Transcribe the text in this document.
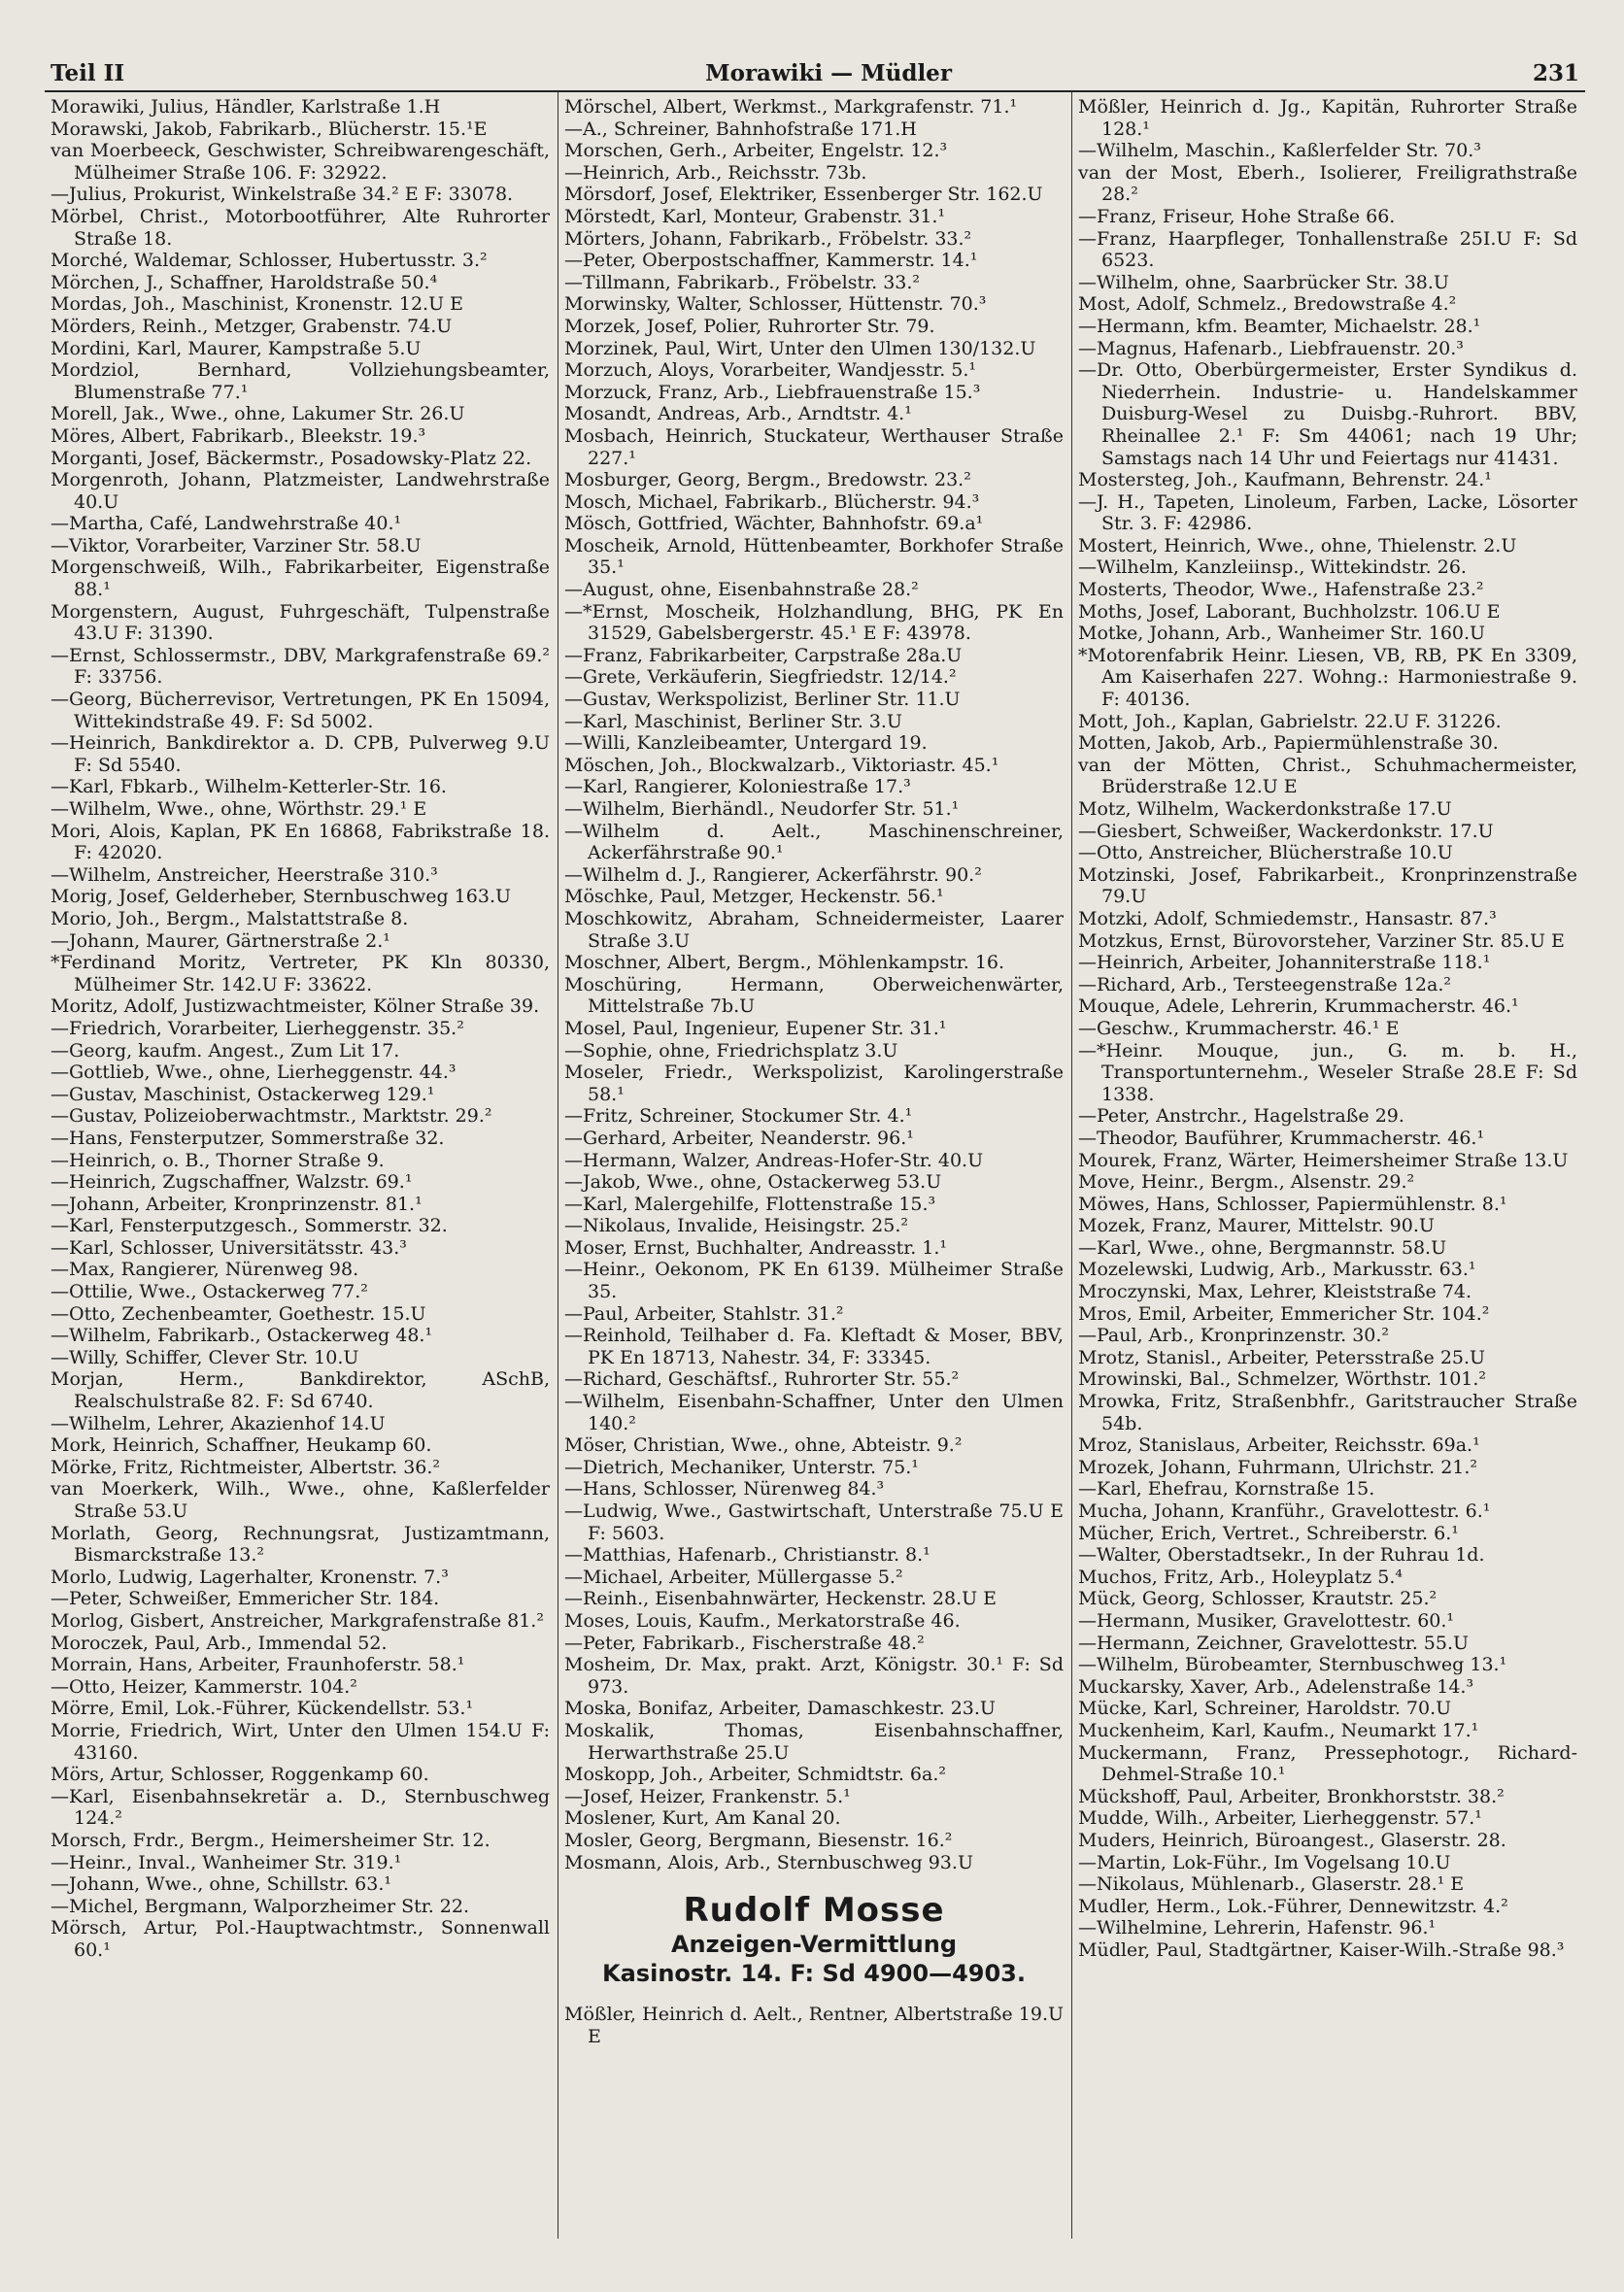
Teil II	Morawiki — Müdler	231

Morawiki, Julius, Händler, Karlstraße 1.H

Morawski, Jakob, Fabrikarb., Blücherstr. 15.¹E

van Moerbeeck, Geschwister, Schreibwarengeschäft, Mülheimer Straße 106. F: 32922.

—Julius, Prokurist, Winkelstraße 34.² E F: 33078.

Mörbel, Christ., Motorbootführer, Alte Ruhrorter Straße 18.

Morché, Waldemar, Schlosser, Hubertusstr. 3.²

Mörchen, J., Schaffner, Haroldstraße 50.⁴

Mordas, Joh., Maschinist, Kronenstr. 12.U E

Mörders, Reinh., Metzger, Grabenstr. 74.U

Mordini, Karl, Maurer, Kampstraße 5.U

Mordziol, Bernhard, Vollziehungsbeamter, Blumenstraße 77.¹

Morell, Jak., Wwe., ohne, Lakumer Str. 26.U

Möres, Albert, Fabrikarb., Bleekstr. 19.³

Morganti, Josef, Bäckermstr., Posadowsky-Platz 22.

Morgenroth, Johann, Platzmeister, Landwehrstraße 40.U

—Martha, Café, Landwehrstraße 40.¹

—Viktor, Vorarbeiter, Varziner Str. 58.U

Morgenschweiß, Wilh., Fabrikarbeiter, Eigenstraße 88.¹

Morgenstern, August, Fuhrgeschäft, Tulpenstraße 43.U F: 31390.

—Ernst, Schlossermstr., DBV, Markgrafenstraße 69.² F: 33756.

—Georg, Bücherrevisor, Vertretungen, PK En 15094, Wittekindstraße 49. F: Sd 5002.

—Heinrich, Bankdirektor a. D. CPB, Pulverweg 9.U F: Sd 5540.

—Karl, Fbkarb., Wilhelm-Ketterler-Str. 16.

—Wilhelm, Wwe., ohne, Wörthstr. 29.¹ E

Mori, Alois, Kaplan, PK En 16868, Fabrikstraße 18. F: 42020.

—Wilhelm, Anstreicher, Heerstraße 310.³

Morig, Josef, Gelderheber, Sternbuschweg 163.U

Morio, Joh., Bergm., Malstattstraße 8.

—Johann, Maurer, Gärtnerstraße 2.¹

*Ferdinand Moritz, Vertreter, PK Kln 80330, Mülheimer Str. 142.U F: 33622.

Moritz, Adolf, Justizwachtmeister, Kölner Straße 39.

—Friedrich, Vorarbeiter, Lierheggenstr. 35.²

—Georg, kaufm. Angest., Zum Lit 17.

—Gottlieb, Wwe., ohne, Lierheggenstr. 44.³

—Gustav, Maschinist, Ostackerweg 129.¹

—Gustav, Polizeioberwachtmstr., Marktstr. 29.²

—Hans, Fensterputzer, Sommerstraße 32.

—Heinrich, o. B., Thorner Straße 9.

—Heinrich, Zugschaffner, Walzstr. 69.¹

—Johann, Arbeiter, Kronprinzenstr. 81.¹

—Karl, Fensterputzgesch., Sommerstr. 32.

—Karl, Schlosser, Universitätsstr. 43.³

—Max, Rangierer, Nürenweg 98.

—Ottilie, Wwe., Ostackerweg 77.²

—Otto, Zechenbeamter, Goethestr. 15.U

—Wilhelm, Fabrikarb., Ostackerweg 48.¹

—Willy, Schiffer, Clever Str. 10.U

Morjan, Herm., Bankdirektor, ASchB, Realschulstraße 82. F: Sd 6740.

—Wilhelm, Lehrer, Akazienhof 14.U

Mork, Heinrich, Schaffner, Heukamp 60.

Mörke, Fritz, Richtmeister, Albertstr. 36.²

van Moerkerk, Wilh., Wwe., ohne, Kaßlerfelder Straße 53.U

Morlath, Georg, Rechnungsrat, Justizamtmann, Bismarckstraße 13.²

Morlo, Ludwig, Lagerhalter, Kronenstr. 7.³

—Peter, Schweißer, Emmericher Str. 184.

Morlog, Gisbert, Anstreicher, Markgrafenstraße 81.²

Moroczek, Paul, Arb., Immendal 52.

Morrain, Hans, Arbeiter, Fraunhoferstr. 58.¹

—Otto, Heizer, Kammerstr. 104.²

Mörre, Emil, Lok.-Führer, Kückendellstr. 53.¹

Morrie, Friedrich, Wirt, Unter den Ulmen 154.U F: 43160.

Mörs, Artur, Schlosser, Roggenkamp 60.

—Karl, Eisenbahnsekretär a. D., Sternbuschweg 124.²

Morsch, Frdr., Bergm., Heimersheimer Str. 12.

—Heinr., Inval., Wanheimer Str. 319.¹

—Johann, Wwe., ohne, Schillstr. 63.¹

—Michel, Bergmann, Walporzheimer Str. 22.

Mörsch, Artur, Pol.-Hauptwachtmstr., Sonnenwall 60.¹

Mörschel, Albert, Werkmst., Markgrafenstr. 71.¹

—A., Schreiner, Bahnhofstraße 171.H

Morschen, Gerh., Arbeiter, Engelstr. 12.³

—Heinrich, Arb., Reichsstr. 73b.

Mörsdorf, Josef, Elektriker, Essenberger Str. 162.U

Mörstedt, Karl, Monteur, Grabenstr. 31.¹

Mörters, Johann, Fabrikarb., Fröbelstr. 33.²

—Peter, Oberpostschaffner, Kammerstr. 14.¹

—Tillmann, Fabrikarb., Fröbelstr. 33.²

Morwinsky, Walter, Schlosser, Hüttenstr. 70.³

Morzek, Josef, Polier, Ruhrorter Str. 79.

Morzinek, Paul, Wirt, Unter den Ulmen 130/132.U

Morzuch, Aloys, Vorarbeiter, Wandjesstr. 5.¹

Morzuck, Franz, Arb., Liebfrauenstraße 15.³

Mosandt, Andreas, Arb., Arndtstr. 4.¹

Mosbach, Heinrich, Stuckateur, Werthauser Straße 227.¹

Mosburger, Georg, Bergm., Bredowstr. 23.²

Mosch, Michael, Fabrikarb., Blücherstr. 94.³

Mösch, Gottfried, Wächter, Bahnhofstr. 69.a¹

Moscheik, Arnold, Hüttenbeamter, Borkhofer Straße 35.¹

—August, ohne, Eisenbahnstraße 28.²

—*Ernst, Moscheik, Holzhandlung, BHG, PK En 31529, Gabelsbergerstr. 45.¹ E F: 43978.

—Franz, Fabrikarbeiter, Carpstraße 28a.U

—Grete, Verkäuferin, Siegfriedstr. 12/14.²

—Gustav, Werkspolizist, Berliner Str. 11.U

—Karl, Maschinist, Berliner Str. 3.U

—Willi, Kanzleibeamter, Untergard 19.

Möschen, Joh., Blockwalzarb., Viktoriastr. 45.¹

—Karl, Rangierer, Koloniestraße 17.³

—Wilhelm, Bierhändl., Neudorfer Str. 51.¹

—Wilhelm d. Aelt., Maschinenschreiner, Ackerfährstraße 90.¹

—Wilhelm d. J., Rangierer, Ackerfährstr. 90.²

Möschke, Paul, Metzger, Heckenstr. 56.¹

Moschkowitz, Abraham, Schneidermeister, Laarer Straße 3.U

Moschner, Albert, Bergm., Möhlenkampstr. 16.

Moschüring, Hermann, Oberweichenwärter, Mittelstraße 7b.U

Mosel, Paul, Ingenieur, Eupener Str. 31.¹

—Sophie, ohne, Friedrichsplatz 3.U

Moseler, Friedr., Werkspolizist, Karolingerstraße 58.¹

—Fritz, Schreiner, Stockumer Str. 4.¹

—Gerhard, Arbeiter, Neanderstr. 96.¹

—Hermann, Walzer, Andreas-Hofer-Str. 40.U

—Jakob, Wwe., ohne, Ostackerweg 53.U

—Karl, Malergehilfe, Flottenstraße 15.³

—Nikolaus, Invalide, Heisingstr. 25.²

Moser, Ernst, Buchhalter, Andreasstr. 1.¹

—Heinr., Oekonom, PK En 6139. Mülheimer Straße 35.

—Paul, Arbeiter, Stahlstr. 31.²

—Reinhold, Teilhaber d. Fa. Kleftadt & Moser, BBV, PK En 18713, Nahestr. 34, F: 33345.

—Richard, Geschäftsf., Ruhrorter Str. 55.²

—Wilhelm, Eisenbahn-Schaffner, Unter den Ulmen 140.²

Möser, Christian, Wwe., ohne, Abteistr. 9.²

—Dietrich, Mechaniker, Unterstr. 75.¹

—Hans, Schlosser, Nürenweg 84.³

—Ludwig, Wwe., Gastwirtschaft, Unterstraße 75.U E F: 5603.

—Matthias, Hafenarb., Christianstr. 8.¹

—Michael, Arbeiter, Müllergasse 5.²

—Reinh., Eisenbahnwärter, Heckenstr. 28.U E

Moses, Louis, Kaufm., Merkatorstraße 46.

—Peter, Fabrikarb., Fischerstraße 48.²

Mosheim, Dr. Max, prakt. Arzt, Königstr. 30.¹ F: Sd 973.

Moska, Bonifaz, Arbeiter, Damaschkestr. 23.U

Moskalik, Thomas, Eisenbahnschaffner, Herwarthstraße 25.U

Moskopp, Joh., Arbeiter, Schmidtstr. 6a.²

—Josef, Heizer, Frankenstr. 5.¹

Moslener, Kurt, Am Kanal 20.

Mosler, Georg, Bergmann, Biesenstr. 16.²

Mosmann, Alois, Arb., Sternbuschweg 93.U

Rudolf Mosse
Anzeigen-Vermittlung
Kasinostr. 14. F: Sd 4900—4903.

Mößler, Heinrich d. Aelt., Rentner, Albertstraße 19.U E

Mößler, Heinrich d. Jg., Kapitän, Ruhrorter Straße 128.¹

—Wilhelm, Maschin., Kaßlerfelder Str. 70.³

van der Most, Eberh., Isolierer, Freiligrathstraße 28.²

—Franz, Friseur, Hohe Straße 66.

—Franz, Haarpfleger, Tonhallenstraße 25I.U F: Sd 6523.

—Wilhelm, ohne, Saarbrücker Str. 38.U

Most, Adolf, Schmelz., Bredowstraße 4.²

—Hermann, kfm. Beamter, Michaelstr. 28.¹

—Magnus, Hafenarb., Liebfrauenstr. 20.³

—Dr. Otto, Oberbürgermeister, Erster Syndikus d. Niederrhein. Industrie- u. Handelskammer Duisburg-Wesel zu Duisbg.-Ruhrort. BBV, Rheinallee 2.¹ F: Sm 44061; nach 19 Uhr; Samstags nach 14 Uhr und Feiertags nur 41431.

Mostersteg, Joh., Kaufmann, Behrenstr. 24.¹

—J. H., Tapeten, Linoleum, Farben, Lacke, Lösorter Str. 3. F: 42986.

Mostert, Heinrich, Wwe., ohne, Thielenstr. 2.U

—Wilhelm, Kanzleiinsp., Wittekindstr. 26.

Mosterts, Theodor, Wwe., Hafenstraße 23.²

Moths, Josef, Laborant, Buchholzstr. 106.U E

Motke, Johann, Arb., Wanheimer Str. 160.U

*Motorenfabrik Heinr. Liesen, VB, RB, PK En 3309, Am Kaiserhafen 227. Wohng.: Harmoniestraße 9. F: 40136.

Mott, Joh., Kaplan, Gabrielstr. 22.U F. 31226.

Motten, Jakob, Arb., Papiermühlenstraße 30.

van der Mötten, Christ., Schuhmachermeister, Brüderstraße 12.U E

Motz, Wilhelm, Wackerdonkstraße 17.U

—Giesbert, Schweißer, Wackerdonkstr. 17.U

—Otto, Anstreicher, Blücherstraße 10.U

Motzinski, Josef, Fabrikarbeit., Kronprinzenstraße 79.U

Motzki, Adolf, Schmiedemstr., Hansastr. 87.³

Motzkus, Ernst, Bürovorsteher, Varziner Str. 85.U E

—Heinrich, Arbeiter, Johanniterstraße 118.¹

—Richard, Arb., Tersteegenstraße 12a.²

Mouque, Adele, Lehrerin, Krummacherstr. 46.¹

—Geschw., Krummacherstr. 46.¹ E

—*Heinr. Mouque, jun., G. m. b. H., Transportunternehm., Weseler Straße 28.E F: Sd 1338.

—Peter, Anstrchr., Hagelstraße 29.

—Theodor, Bauführer, Krummacherstr. 46.¹

Mourek, Franz, Wärter, Heimersheimer Straße 13.U

Move, Heinr., Bergm., Alsenstr. 29.²

Möwes, Hans, Schlosser, Papiermühlenstr. 8.¹

Mozek, Franz, Maurer, Mittelstr. 90.U

—Karl, Wwe., ohne, Bergmannstr. 58.U

Mozelewski, Ludwig, Arb., Markusstr. 63.¹

Mroczynski, Max, Lehrer, Kleiststraße 74.

Mros, Emil, Arbeiter, Emmericher Str. 104.²

—Paul, Arb., Kronprinzenstr. 30.²

Mrotz, Stanisl., Arbeiter, Petersstraße 25.U

Mrowinski, Bal., Schmelzer, Wörthstr. 101.²

Mrowka, Fritz, Straßenbhfr., Garitstraucher Straße 54b.

Mroz, Stanislaus, Arbeiter, Reichsstr. 69a.¹

Mrozek, Johann, Fuhrmann, Ulrichstr. 21.²

—Karl, Ehefrau, Kornstraße 15.

Mucha, Johann, Kranführ., Gravelottestr. 6.¹

Mücher, Erich, Vertret., Schreiberstr. 6.¹

—Walter, Oberstadtsekr., In der Ruhrau 1d.

Muchos, Fritz, Arb., Holeyplatz 5.⁴

Mück, Georg, Schlosser, Krautstr. 25.²

—Hermann, Musiker, Gravelottestr. 60.¹

—Hermann, Zeichner, Gravelottestr. 55.U

—Wilhelm, Bürobeamter, Sternbuschweg 13.¹

Muckarsky, Xaver, Arb., Adelenstraße 14.³

Mücke, Karl, Schreiner, Haroldstr. 70.U

Muckenheim, Karl, Kaufm., Neumarkt 17.¹

Muckermann, Franz, Pressephotogr., Richard-Dehmel-Straße 10.¹

Mückshoff, Paul, Arbeiter, Bronkhorststr. 38.²

Mudde, Wilh., Arbeiter, Lierheggenstr. 57.¹

Muders, Heinrich, Büroangest., Glaserstr. 28.

—Martin, Lok-Führ., Im Vogelsang 10.U

—Nikolaus, Mühlenarb., Glaserstr. 28.¹ E

Mudler, Herm., Lok.-Führer, Dennewitzstr. 4.²

—Wilhelmine, Lehrerin, Hafenstr. 96.¹

Müdler, Paul, Stadtgärtner, Kaiser-Wilh.-Straße 98.³
